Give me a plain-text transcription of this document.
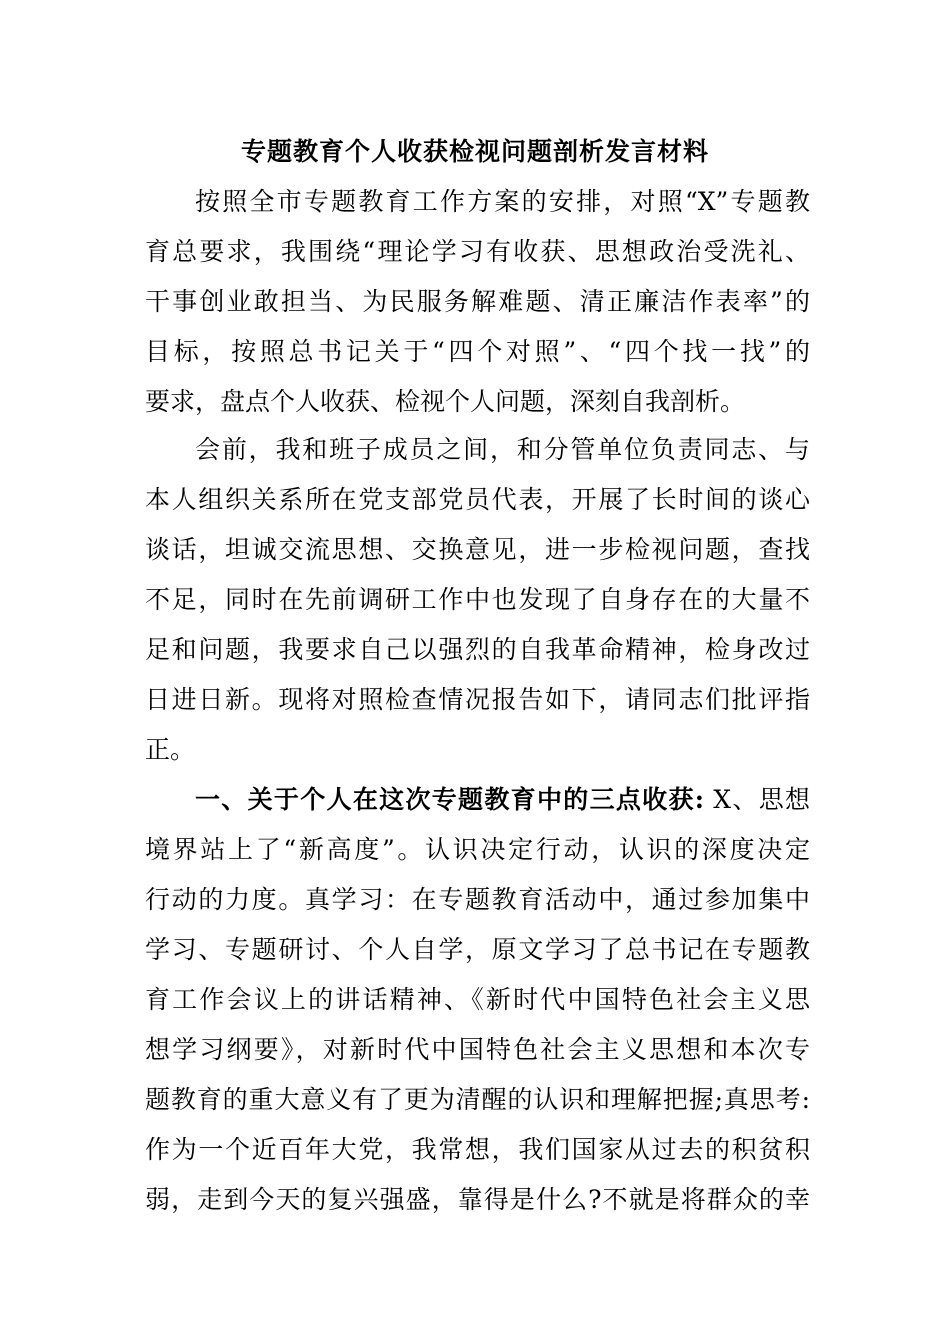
专题教育个人收获检视问题剖析发言材料
按照全市专题教育工作方案的安排，对照“X”专题教
育总要求，我围绕“理论学习有收获、思想政治受洗礼、
干事创业敢担当、为民服务解难题、清正廉洁作表率”的
目标，按照总书记关于“四个对照”、“四个找一找”的
要求，盘点个人收获、检视个人问题，深刻自我剖析。
会前，我和班子成员之间，和分管单位负责同志、与
本人组织关系所在党支部党员代表，开展了长时间的谈心
谈话，坦诚交流思想、交换意见，进一步检视问题，查找
不足，同时在先前调研工作中也发现了自身存在的大量不
足和问题，我要求自己以强烈的自我革命精神，检身改过
日进日新。现将对照检查情况报告如下，请同志们批评指
正。
一、关于个人在这次专题教育中的三点收获: X、思想
境界站上了“新高度”。认识决定行动，认识的深度决定
行动的力度。真学习：在专题教育活动中，通过参加集中
学习、专题研讨、个人自学，原文学习了总书记在专题教
育工作会议上的讲话精神、《新时代中国特色社会主义思
想学习纲要》，对新时代中国特色社会主义思想和本次专
题教育的重大意义有了更为清醒的认识和理解把握;真思考:
作为一个近百年大党，我常想，我们国家从过去的积贫积
弱，走到今天的复兴强盛，靠得是什么?不就是将群众的幸
